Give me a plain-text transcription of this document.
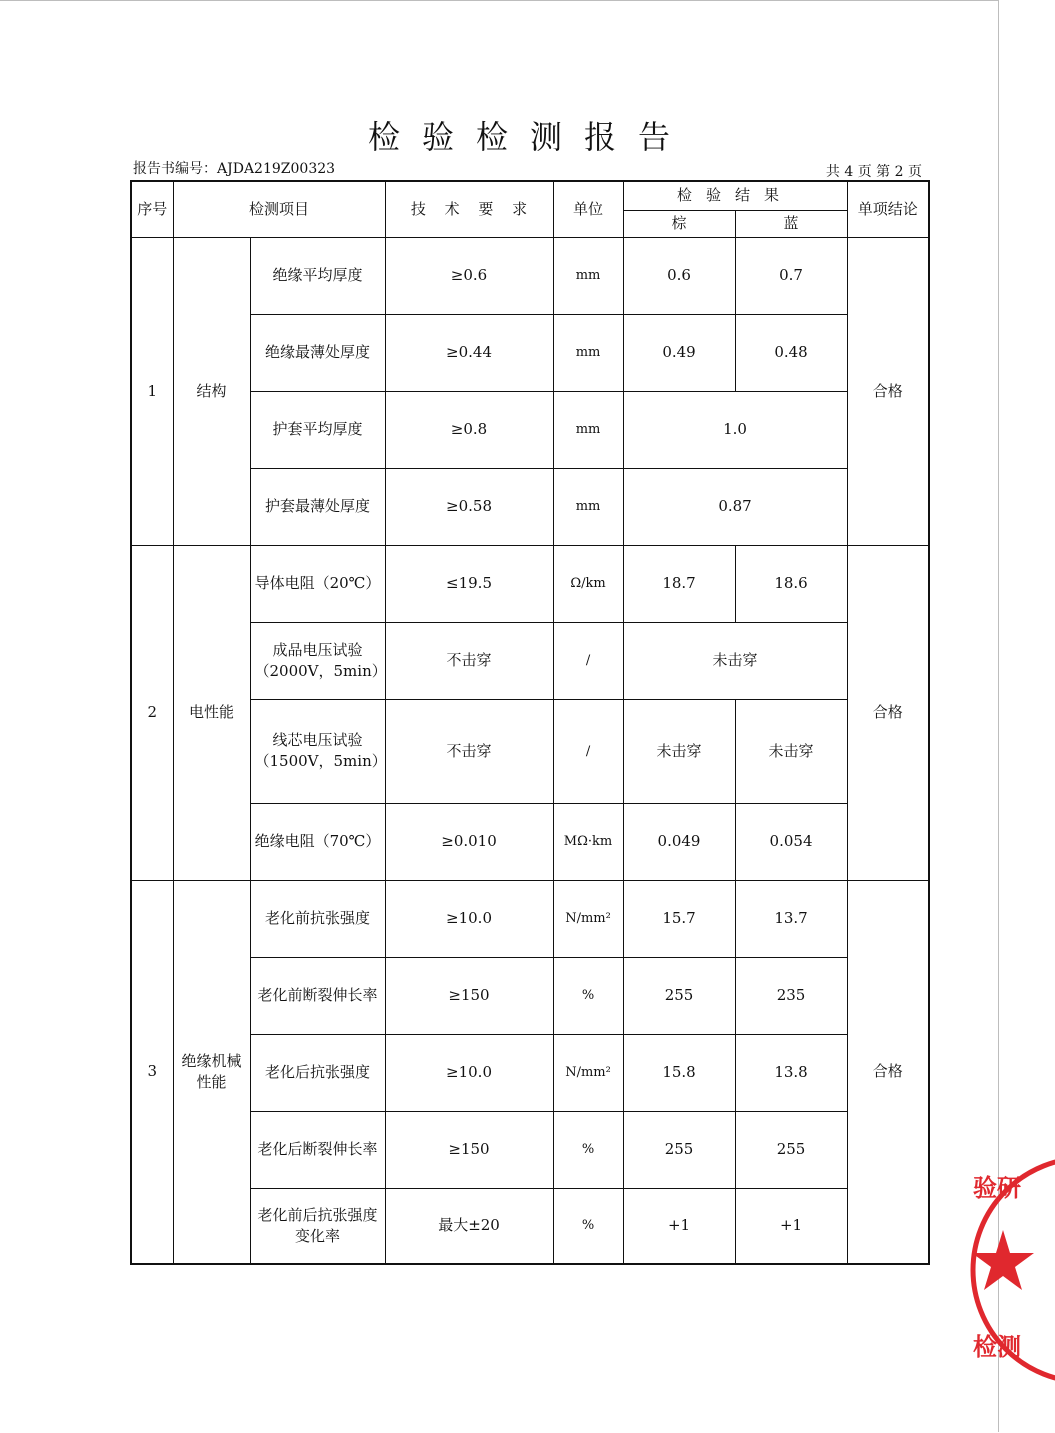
检验检测报告
报告书编号：AJDA219Z00323	共 4 页 第 2 页
序号	检测项目		技 术 要 求	单位	检验结果		单项结论
					棕	蓝	
1	结构	绝缘平均厚度	≥0.6	mm	0.6	0.7	合格
		绝缘最薄处厚度	≥0.44	mm	0.49	0.48	
		护套平均厚度	≥0.8	mm	1.0		
		护套最薄处厚度	≥0.58	mm	0.87		
2	电性能	导体电阻（20℃）	≤19.5	Ω/km	18.7	18.6	合格
		成品电压试验（2000V，5min）	不击穿	/	未击穿		
		线芯电压试验（1500V，5min）	不击穿	/	未击穿	未击穿	
		绝缘电阻（70℃）	≥0.010	MΩ·km	0.049	0.054	
3	绝缘机械性能	老化前抗张强度	≥10.0	N/mm²	15.7	13.7	合格
		老化前断裂伸长率	≥150	%	255	235	
		老化后抗张强度	≥10.0	N/mm²	15.8	13.8	
		老化后断裂伸长率	≥150	%	255	255	
		老化前后抗张强度变化率	最大±20	%	+1	+1	
验研
检测
